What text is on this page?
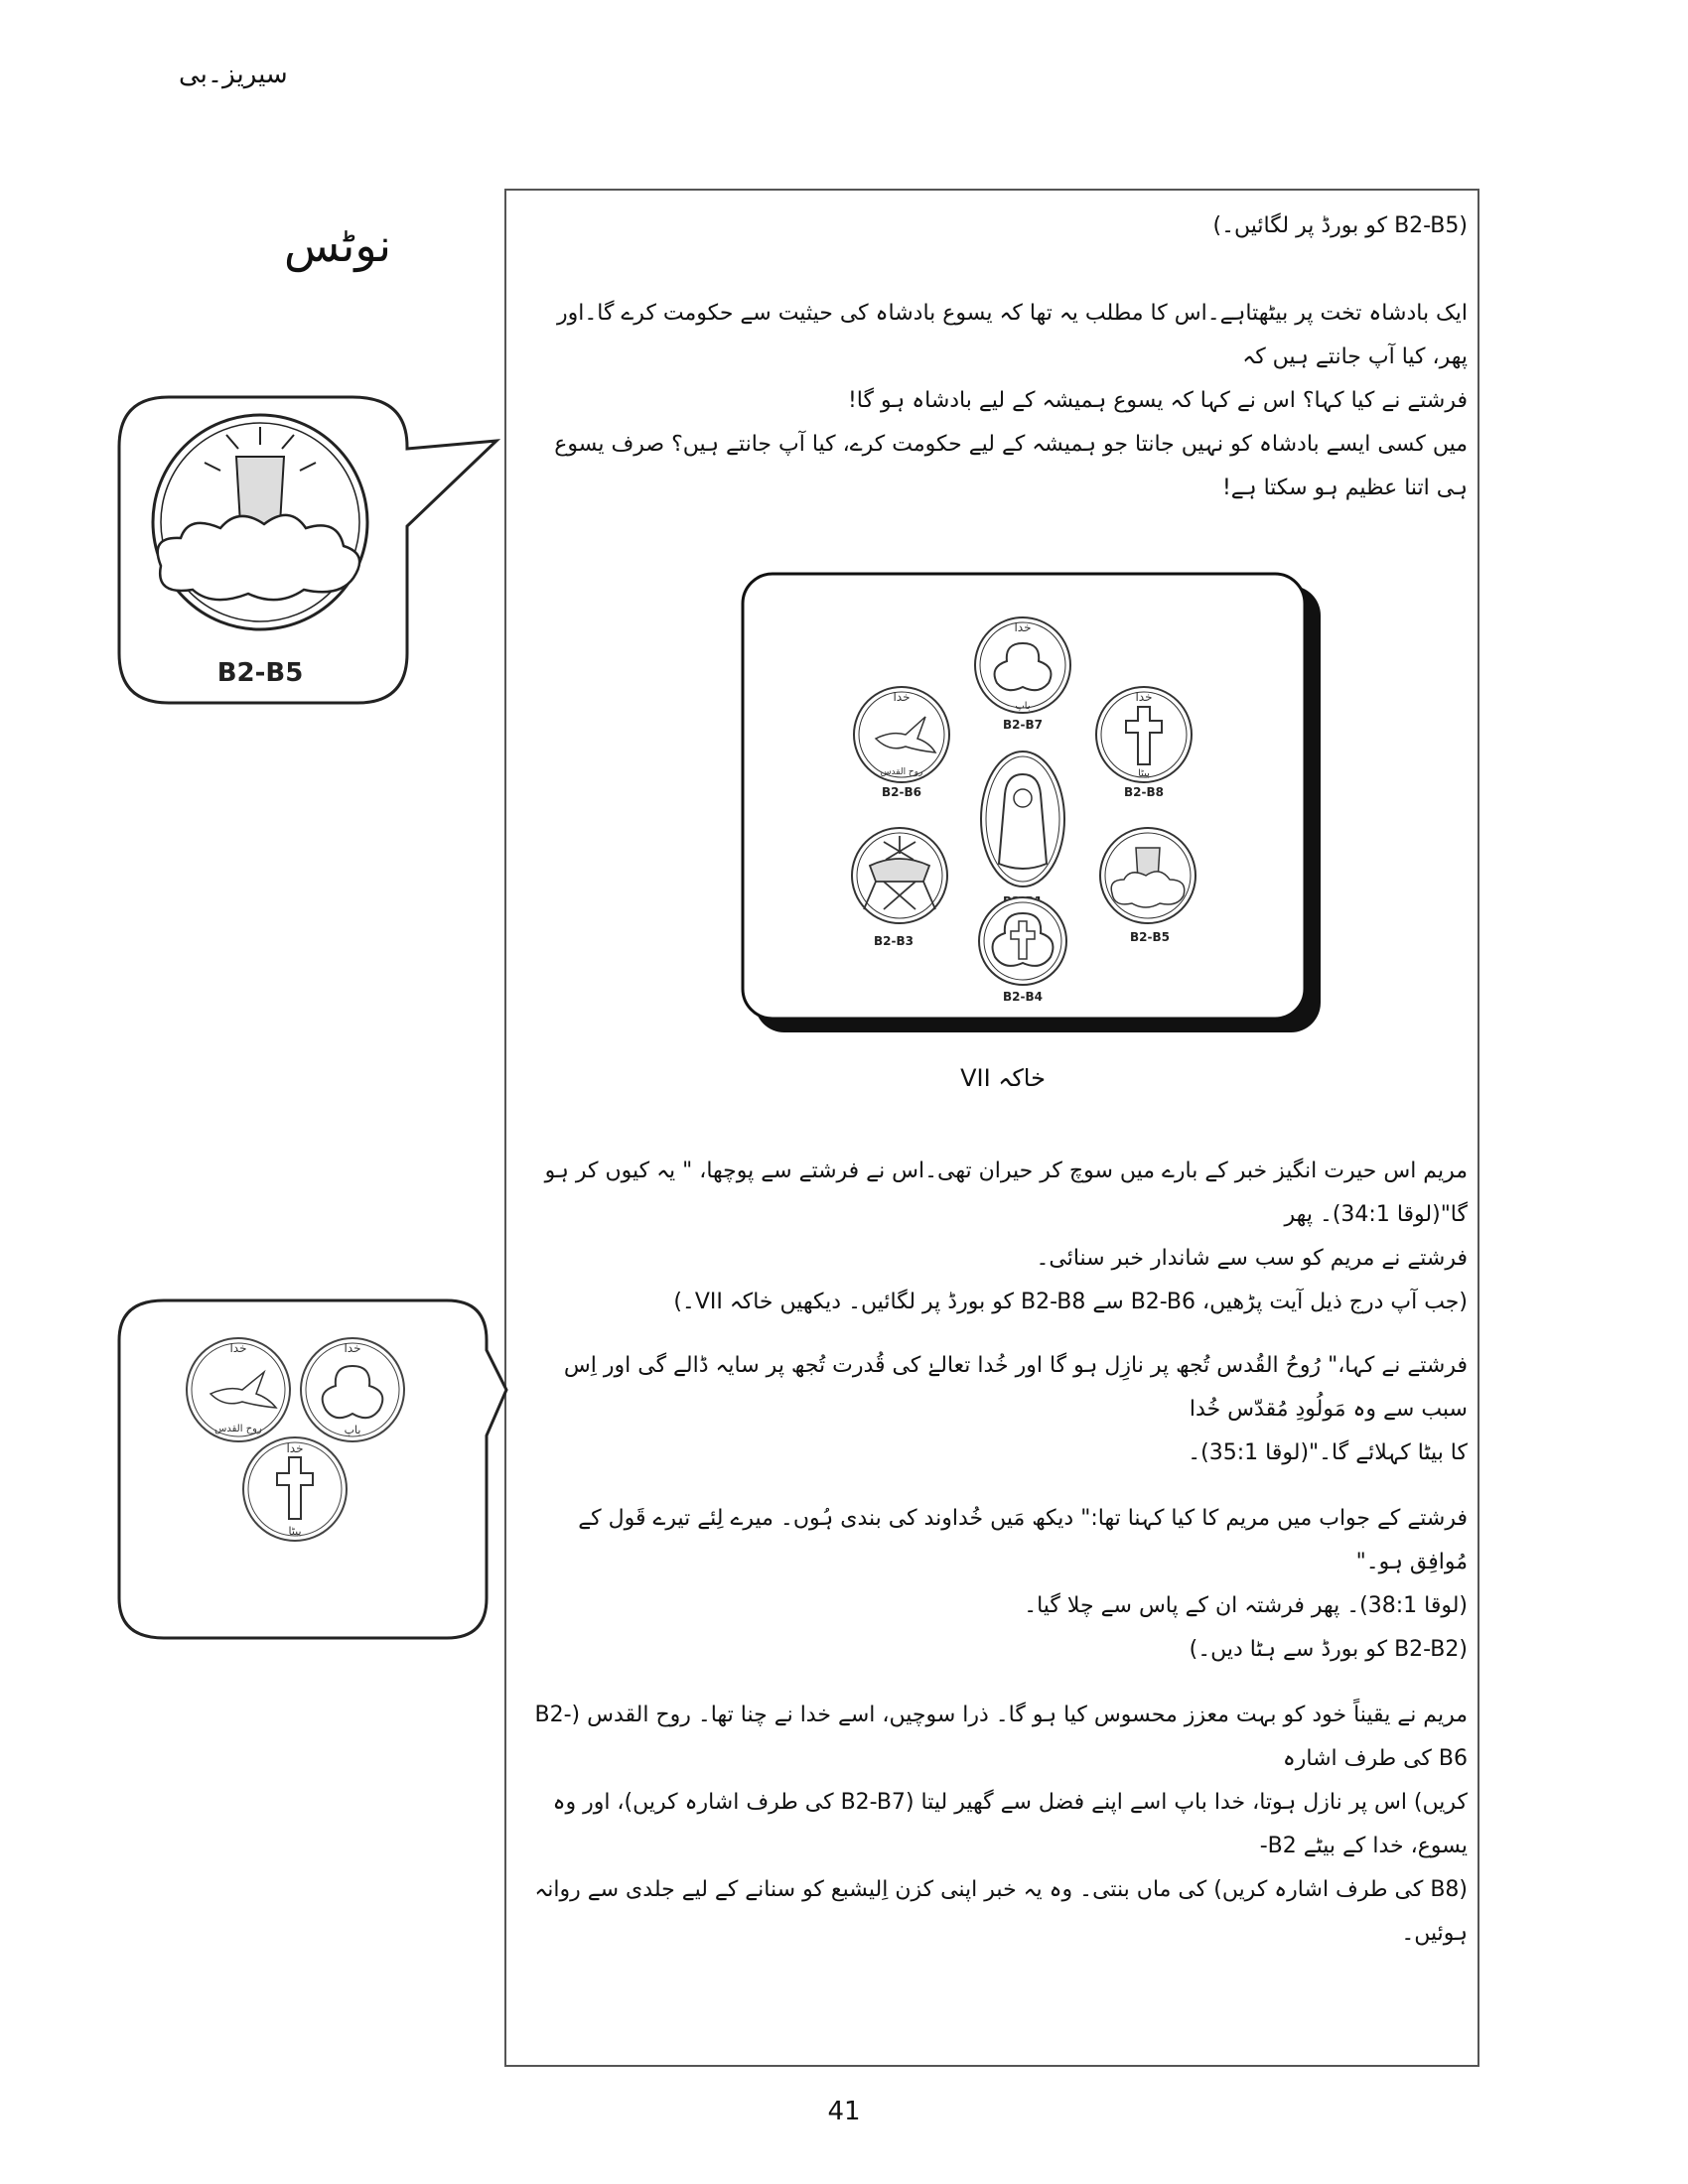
سیریز۔بی
نوٹس
B2-B5
خدا
روح القدس
خدا
باپ
خدا
بیٹا
(B2-B5 کو بورڈ پر لگائیں۔)
ایک بادشاہ تخت پر بیٹھتاہے۔اس کا مطلب یہ تھا کہ یسوع بادشاہ کی حیثیت سے حکومت کرے گا۔اور پھر، کیا آپ جانتے ہیں کہ
فرشتے نے کیا کہا؟ اس نے کہا کہ یسوع ہمیشہ کے لیے بادشاہ ہو گا!
میں کسی ایسے بادشاہ کو نہیں جانتا جو ہمیشہ کے لیے حکومت کرے، کیا آپ جانتے ہیں؟ صرف یسوع ہی اتنا عظیم ہو سکتا ہے!
خدا
باپ
B2-B7
خدا
روح القدس
B2-B6
خدا
بیٹا
B2-B8
B2-B3	B2-B5
B2-B4
خاکہ VII
مریم اس حیرت انگیز خبر کے بارے میں سوچ کر حیران تھی۔اس نے فرشتے سے پوچھا، " یہ کیوں کر ہو گا"(لوقا 34:1)۔ پھر
فرشتے نے مریم کو سب سے شاندار خبر سنائی۔
(جب آپ درج ذیل آیت پڑھیں، B2-B6 سے B2-B8 کو بورڈ پر لگائیں۔ دیکھیں خاکہ VII۔)
فرشتے نے کہا،" رُوحُ القُدس تُجھ پر نازِل ہو گا اور خُدا تعالےٰ کی قُدرت تُجھ پر سایہ ڈالے گی اور اِس سبب سے وہ مَولُودِ مُقدّس خُدا
کا بیٹا کہلائے گا۔"(لوقا 35:1)۔
فرشتے کے جواب میں مریم کا کیا کہنا تھا:" دیکھ مَیں خُداوند کی بندی ہُوں۔ میرے لِئے تیرے قَول کے مُوافِق ہو۔"
(لوقا 38:1)۔ پھر فرشتہ ان کے پاس سے چلا گیا۔
(B2-B2 کو بورڈ سے ہٹا دیں۔)
مریم نے یقیناً خود کو بہت معزز محسوس کیا ہو گا۔ ذرا سوچیں، اسے خدا نے چنا تھا۔ روح القدس (B2-B6 کی طرف اشارہ
کریں) اس پر نازل ہوتا، خدا باپ اسے اپنے فضل سے گھیر لیتا (B2-B7 کی طرف اشارہ کریں)، اور وہ یسوع، خدا کے بیٹے B2-
(B8 کی طرف اشارہ کریں) کی ماں بنتی۔ وہ یہ خبر اپنی کزن اِلیشبع کو سنانے کے لیے جلدی سے روانہ ہوئیں۔
41
